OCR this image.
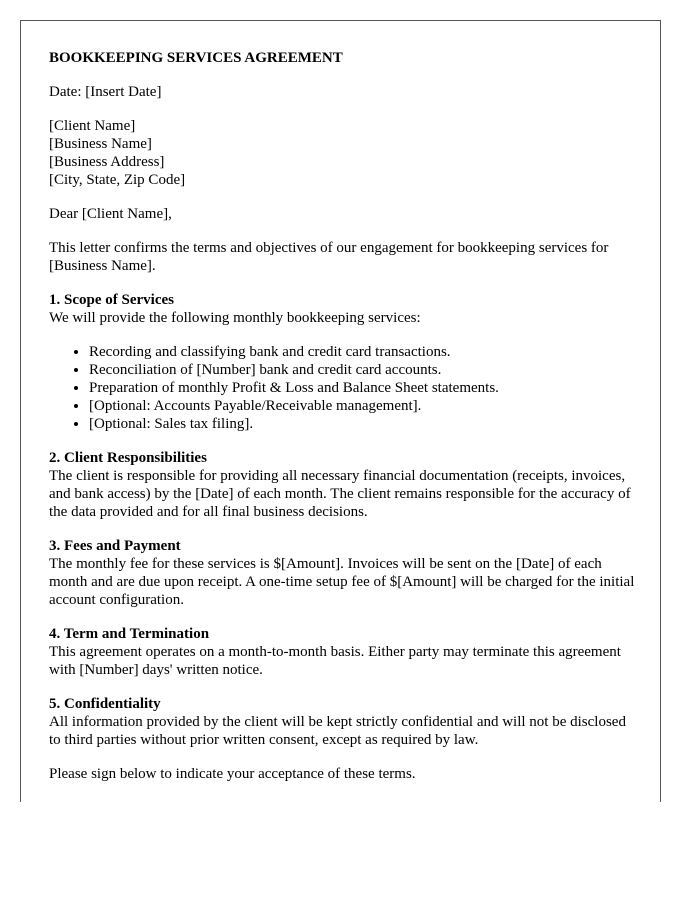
BOOKKEEPING SERVICES AGREEMENT
Date: [Insert Date]
[Client Name]
[Business Name]
[Business Address]
[City, State, Zip Code]
Dear [Client Name],
This letter confirms the terms and objectives of our engagement for bookkeeping services for [Business Name].
1. Scope of Services
We will provide the following monthly bookkeeping services:
• Recording and classifying bank and credit card transactions.
• Reconciliation of [Number] bank and credit card accounts.
• Preparation of monthly Profit & Loss and Balance Sheet statements.
• [Optional: Accounts Payable/Receivable management].
• [Optional: Sales tax filing].
2. Client Responsibilities
The client is responsible for providing all necessary financial documentation (receipts, invoices, and bank access) by the [Date] of each month. The client remains responsible for the accuracy of the data provided and for all final business decisions.
3. Fees and Payment
The monthly fee for these services is $[Amount]. Invoices will be sent on the [Date] of each month and are due upon receipt. A one-time setup fee of $[Amount] will be charged for the initial account configuration.
4. Term and Termination
This agreement operates on a month-to-month basis. Either party may terminate this agreement with [Number] days' written notice.
5. Confidentiality
All information provided by the client will be kept strictly confidential and will not be disclosed to third parties without prior written consent, except as required by law.
Please sign below to indicate your acceptance of these terms.
